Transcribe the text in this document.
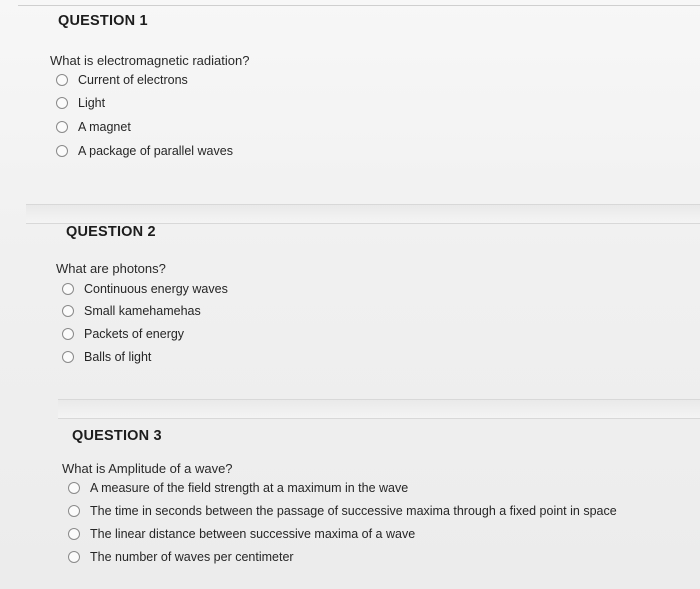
QUESTION 1
What is electromagnetic radiation?
Current of electrons
Light
A magnet
A package of parallel waves
QUESTION 2
What are photons?
Continuous energy waves
Small kamehamehas
Packets of energy
Balls of light
QUESTION 3
What is Amplitude of a wave?
A measure of the field strength at a maximum in the wave
The time in seconds between the passage of successive maxima through a fixed point in space
The linear distance between successive maxima of a wave
The number of waves per centimeter
